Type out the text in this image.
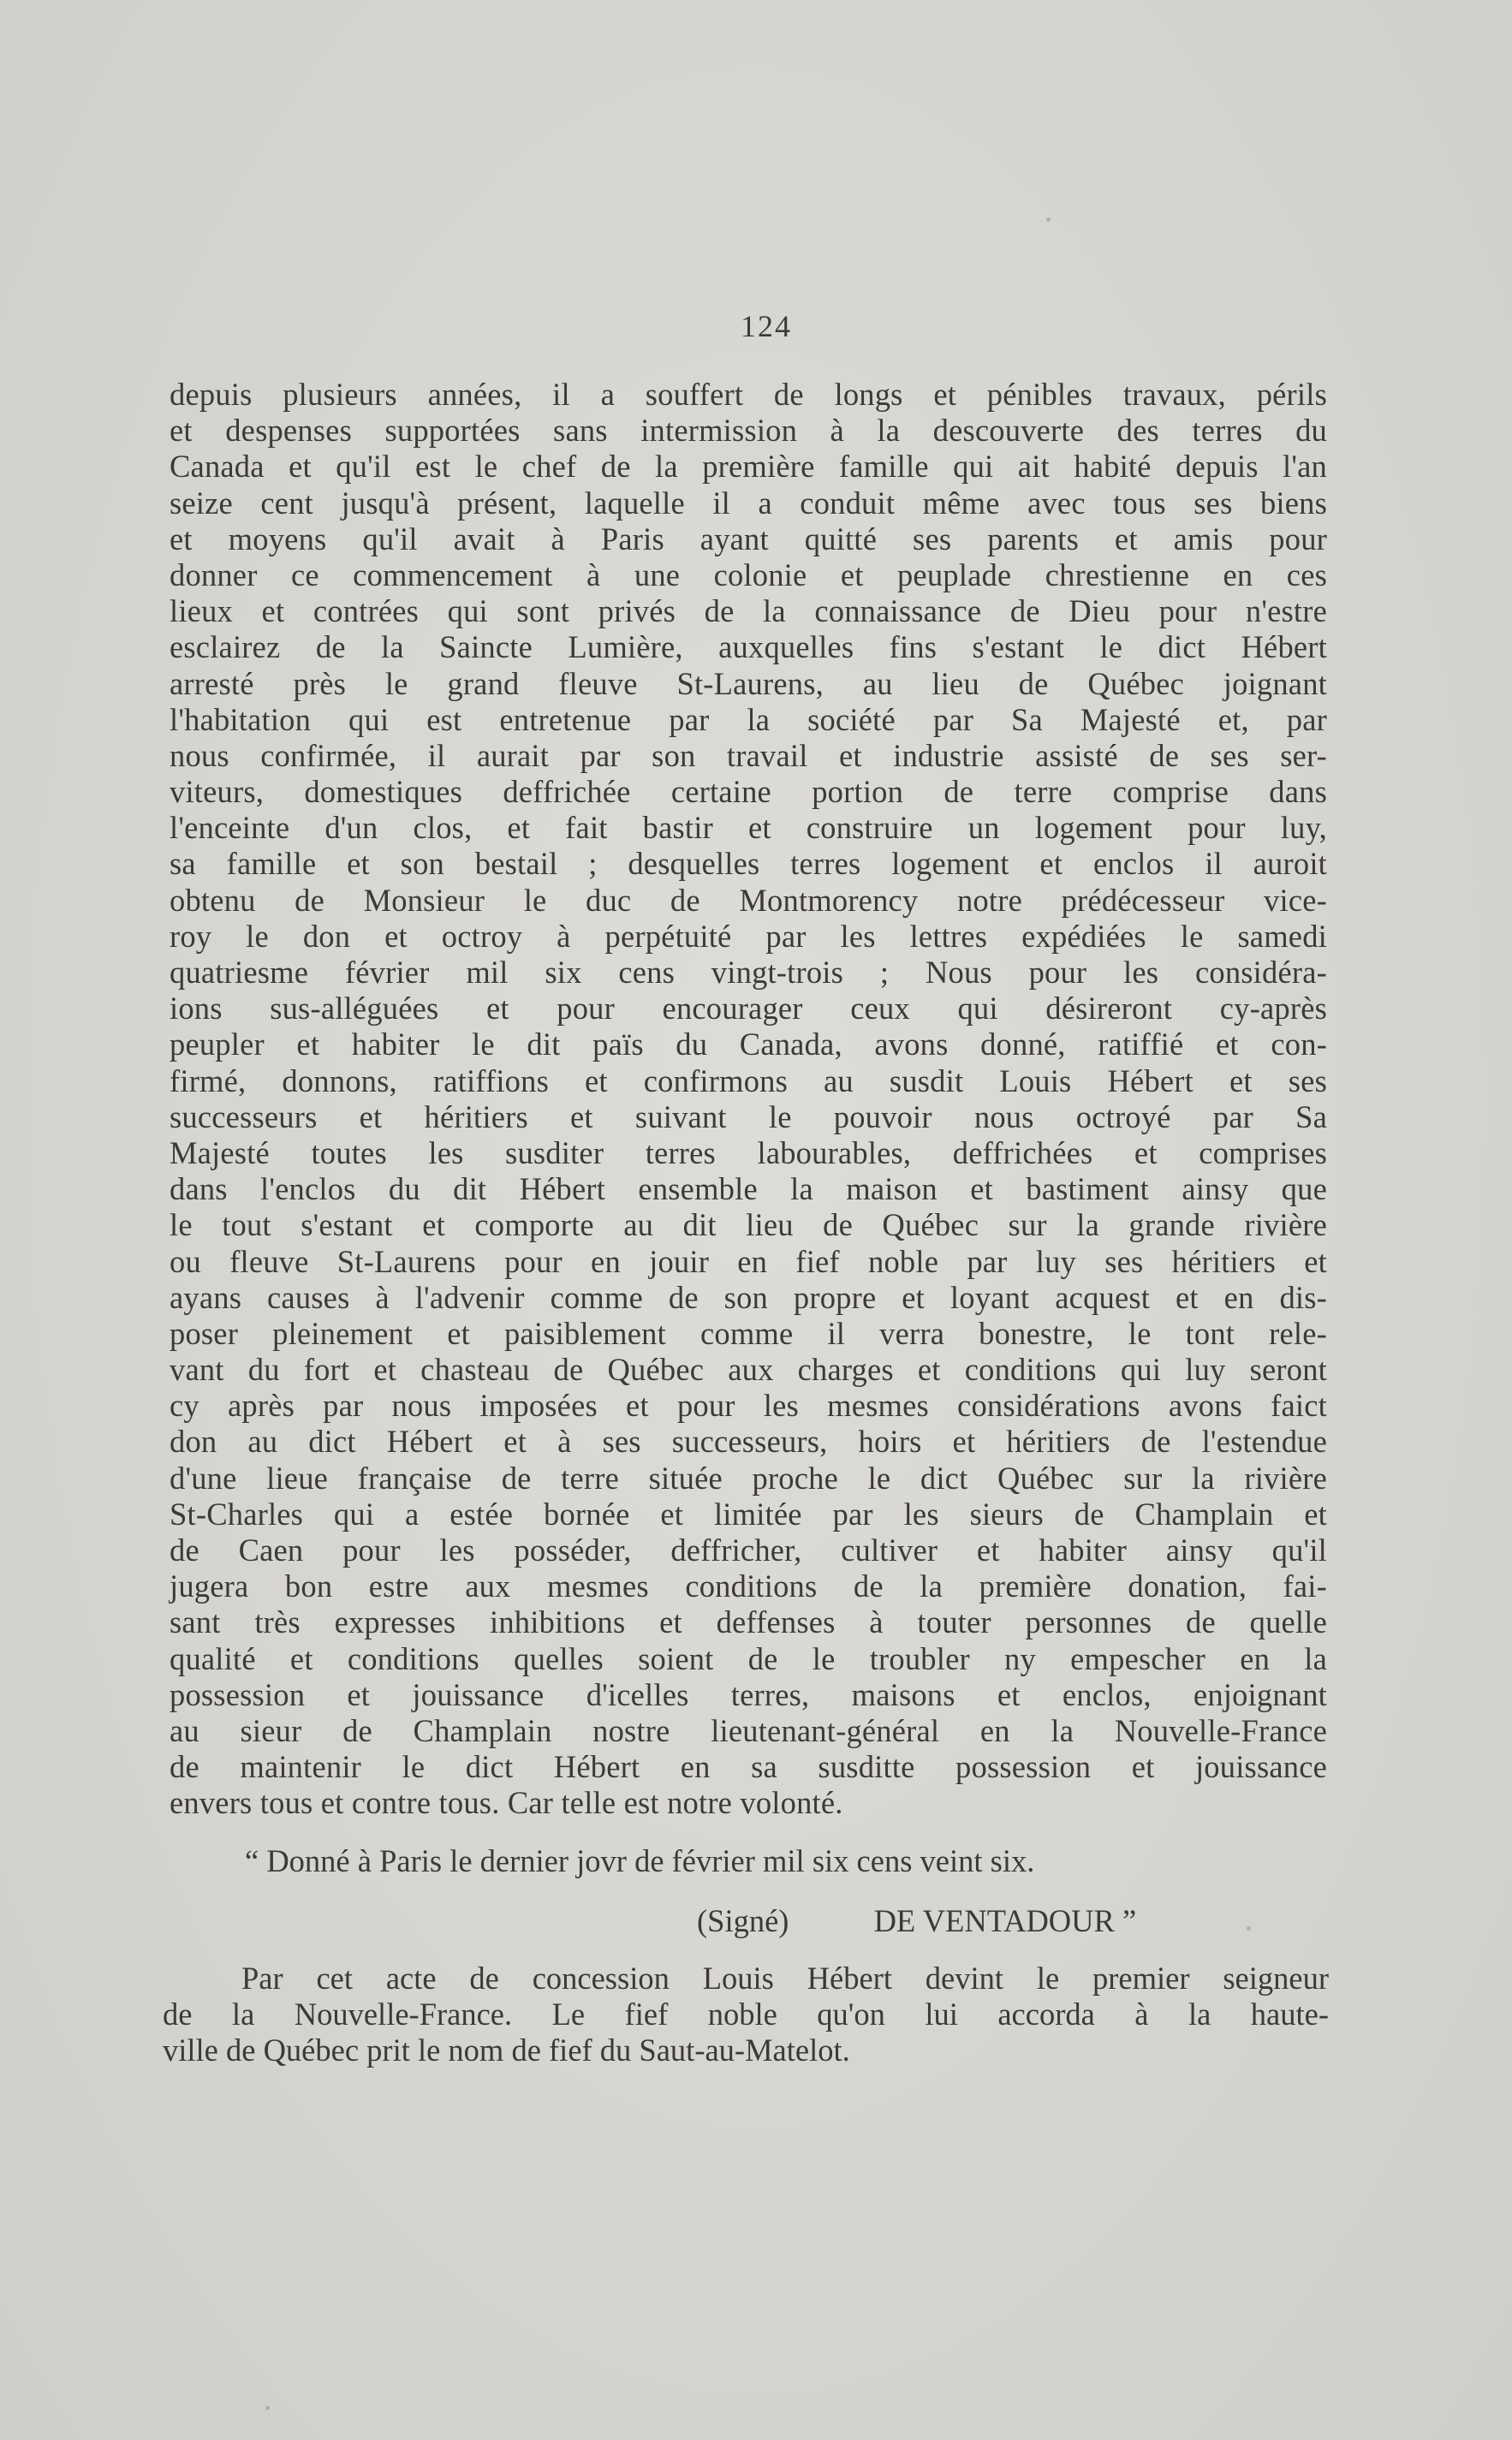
124
depuis plusieurs années, il a souffert de longs et pénibles travaux, périls
et despenses supportées sans intermission à la descouverte des terres du
Canada et qu'il est le chef de la première famille qui ait habité depuis l'an
seize cent jusqu'à présent, laquelle il a conduit même avec tous ses biens
et moyens qu'il avait à Paris ayant quitté ses parents et amis pour
donner ce commencement à une colonie et peuplade chrestienne en ces
lieux et contrées qui sont privés de la connaissance de Dieu pour n'estre
esclairez de la Saincte Lumière, auxquelles fins s'estant le dict Hébert
arresté près le grand fleuve St-Laurens, au lieu de Québec joignant
l'habitation qui est entretenue par la société par Sa Majesté et, par
nous confirmée, il aurait par son travail et industrie assisté de ses ser-
viteurs, domestiques deffrichée certaine portion de terre comprise dans
l'enceinte d'un clos, et fait bastir et construire un logement pour luy,
sa famille et son bestail ; desquelles terres logement et enclos il auroit
obtenu de Monsieur le duc de Montmorency notre prédécesseur vice-
roy le don et octroy à perpétuité par les lettres expédiées le samedi
quatriesme février mil six cens vingt-trois ; Nous pour les considéra-
ions sus-alléguées et pour encourager ceux qui désireront cy-après
peupler et habiter le dit païs du Canada, avons donné, ratiffié et con-
firmé, donnons, ratiffions et confirmons au susdit Louis Hébert et ses
successeurs et héritiers et suivant le pouvoir nous octroyé par Sa
Majesté toutes les susditer terres labourables, deffrichées et comprises
dans l'enclos du dit Hébert ensemble la maison et bastiment ainsy que
le tout s'estant et comporte au dit lieu de Québec sur la grande rivière
ou fleuve St-Laurens pour en jouir en fief noble par luy ses héritiers et
ayans causes à l'advenir comme de son propre et loyant acquest et en dis-
poser pleinement et paisiblement comme il verra bonestre, le tont rele-
vant du fort et chasteau de Québec aux charges et conditions qui luy seront
cy après par nous imposées et pour les mesmes considérations avons faict
don au dict Hébert et à ses successeurs, hoirs et héritiers de l'estendue
d'une lieue française de terre située proche le dict Québec sur la rivière
St-Charles qui a estée bornée et limitée par les sieurs de Champlain et
de Caen pour les posséder, deffricher, cultiver et habiter ainsy qu'il
jugera bon estre aux mesmes conditions de la première donation, fai-
sant très expresses inhibitions et deffenses à touter personnes de quelle
qualité et conditions quelles soient de le troubler ny empescher en la
possession et jouissance d'icelles terres, maisons et enclos, enjoignant
au sieur de Champlain nostre lieutenant-général en la Nouvelle-France
de maintenir le dict Hébert en sa susditte possession et jouissance
envers tous et contre tous. Car telle est notre volonté.
“ Donné à Paris le dernier jovr de février mil six cens veint six.
(Signé)	DE VENTADOUR ”
Par cet acte de concession Louis Hébert devint le premier seigneur
de la Nouvelle-France. Le fief noble qu'on lui accorda à la haute-
ville de Québec prit le nom de fief du Saut-au-Matelot.
